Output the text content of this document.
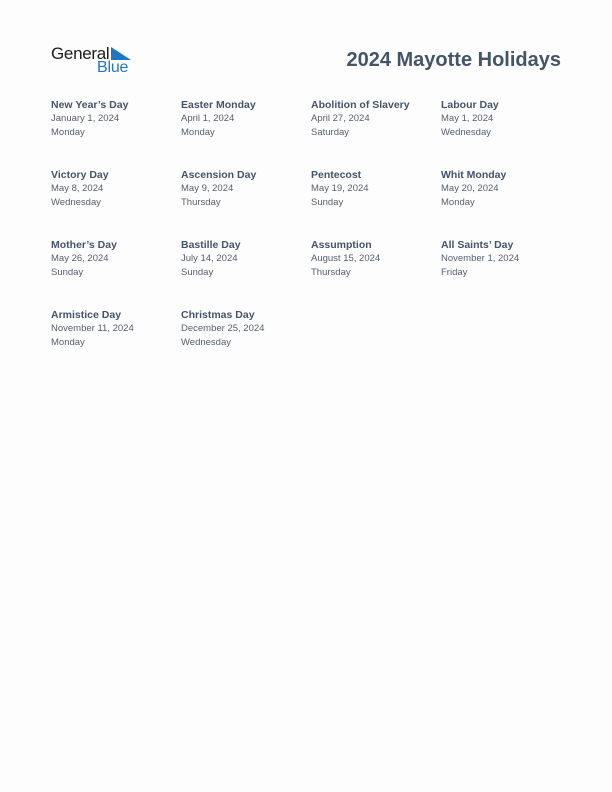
General
Blue	2024 Mayotte Holidays
New Year’s Day
January 1, 2024
Monday
Easter Monday
April 1, 2024
Monday
Abolition of Slavery
April 27, 2024
Saturday
Labour Day
May 1, 2024
Wednesday
Victory Day
May 8, 2024
Wednesday
Ascension Day
May 9, 2024
Thursday
Pentecost
May 19, 2024
Sunday
Whit Monday
May 20, 2024
Monday
Mother’s Day
May 26, 2024
Sunday
Bastille Day
July 14, 2024
Sunday
Assumption
August 15, 2024
Thursday
All Saints’ Day
November 1, 2024
Friday
Armistice Day
November 11, 2024
Monday
Christmas Day
December 25, 2024
Wednesday
